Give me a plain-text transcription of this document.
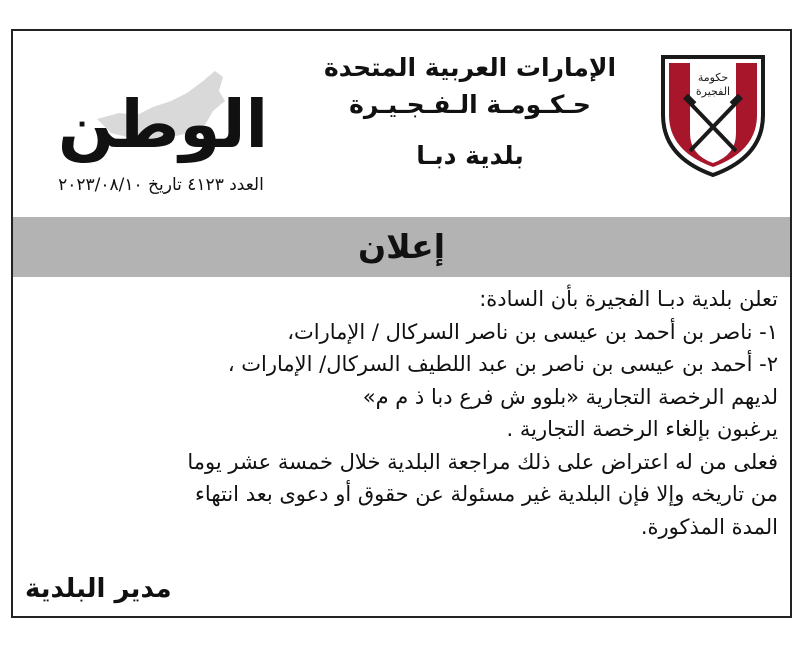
حكومة
الفجيرة
الإمارات العربية المتحدة
حـكـومـة الـفـجـيـرة
بلدية دبـا
الوطن
العدد ٤١٢٣ تاريخ ٢٠٢٣/٠٨/١٠
إعلان
تعلن بلدية دبـا الفجيرة بأن السادة:
١- ناصر بن أحمد بن عيسى بن ناصر السركال / الإمارات،
٢- أحمد بن عيسى بن ناصر بن عبد اللطيف السركال/ الإمارات ،
لديهم الرخصة التجارية «بلوو ش فرع دبا ذ م م»
يرغبون بإلغاء الرخصة التجارية .
فعلى من له اعتراض على ذلك مراجعة البلدية خلال خمسة عشر يوما
من تاريخه وإلا فإن البلدية غير مسئولة عن حقوق أو دعوى بعد انتهاء
المدة المذكورة.
مدير البلدية
